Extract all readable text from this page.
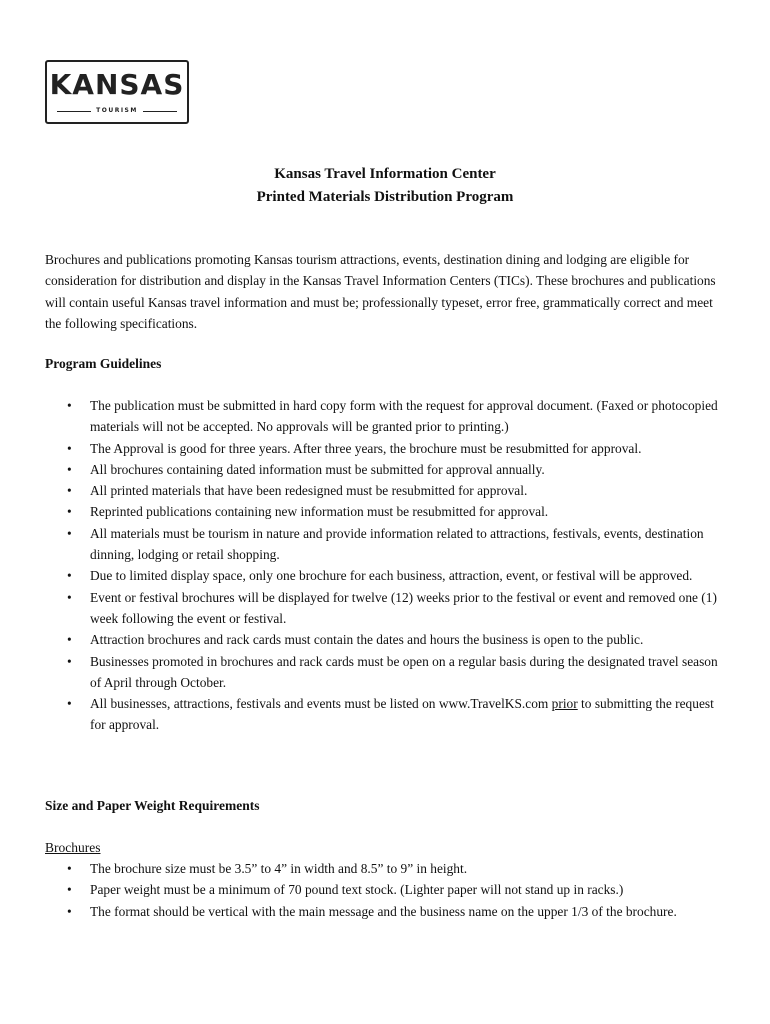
KANSAS
TOURISM
Kansas Travel Information Center
Printed Materials Distribution Program
Brochures and publications promoting Kansas tourism attractions, events, destination dining and lodging are eligible for consideration for distribution and display in the Kansas Travel Information Centers (TICs). These brochures and publications will contain useful Kansas travel information and must be; professionally typeset, error free, grammatically correct and meet the following specifications.
Program Guidelines
• The publication must be submitted in hard copy form with the request for approval document. (Faxed or photocopied materials will not be accepted. No approvals will be granted prior to printing.)
• The Approval is good for three years. After three years, the brochure must be resubmitted for approval.
• All brochures containing dated information must be submitted for approval annually.
• All printed materials that have been redesigned must be resubmitted for approval.
• Reprinted publications containing new information must be resubmitted for approval.
• All materials must be tourism in nature and provide information related to attractions, festivals, events, destination dinning, lodging or retail shopping.
• Due to limited display space, only one brochure for each business, attraction, event, or festival will be approved.
• Event or festival brochures will be displayed for twelve (12) weeks prior to the festival or event and removed one (1) week following the event or festival.
• Attraction brochures and rack cards must contain the dates and hours the business is open to the public.
• Businesses promoted in brochures and rack cards must be open on a regular basis during the designated travel season of April through October.
• All businesses, attractions, festivals and events must be listed on www.TravelKS.com prior to submitting the request for approval.
Size and Paper Weight Requirements
Brochures
• The brochure size must be 3.5” to 4” in width and 8.5” to 9” in height.
• Paper weight must be a minimum of 70 pound text stock. (Lighter paper will not stand up in racks.)
• The format should be vertical with the main message and the business name on the upper 1/3 of the brochure.
